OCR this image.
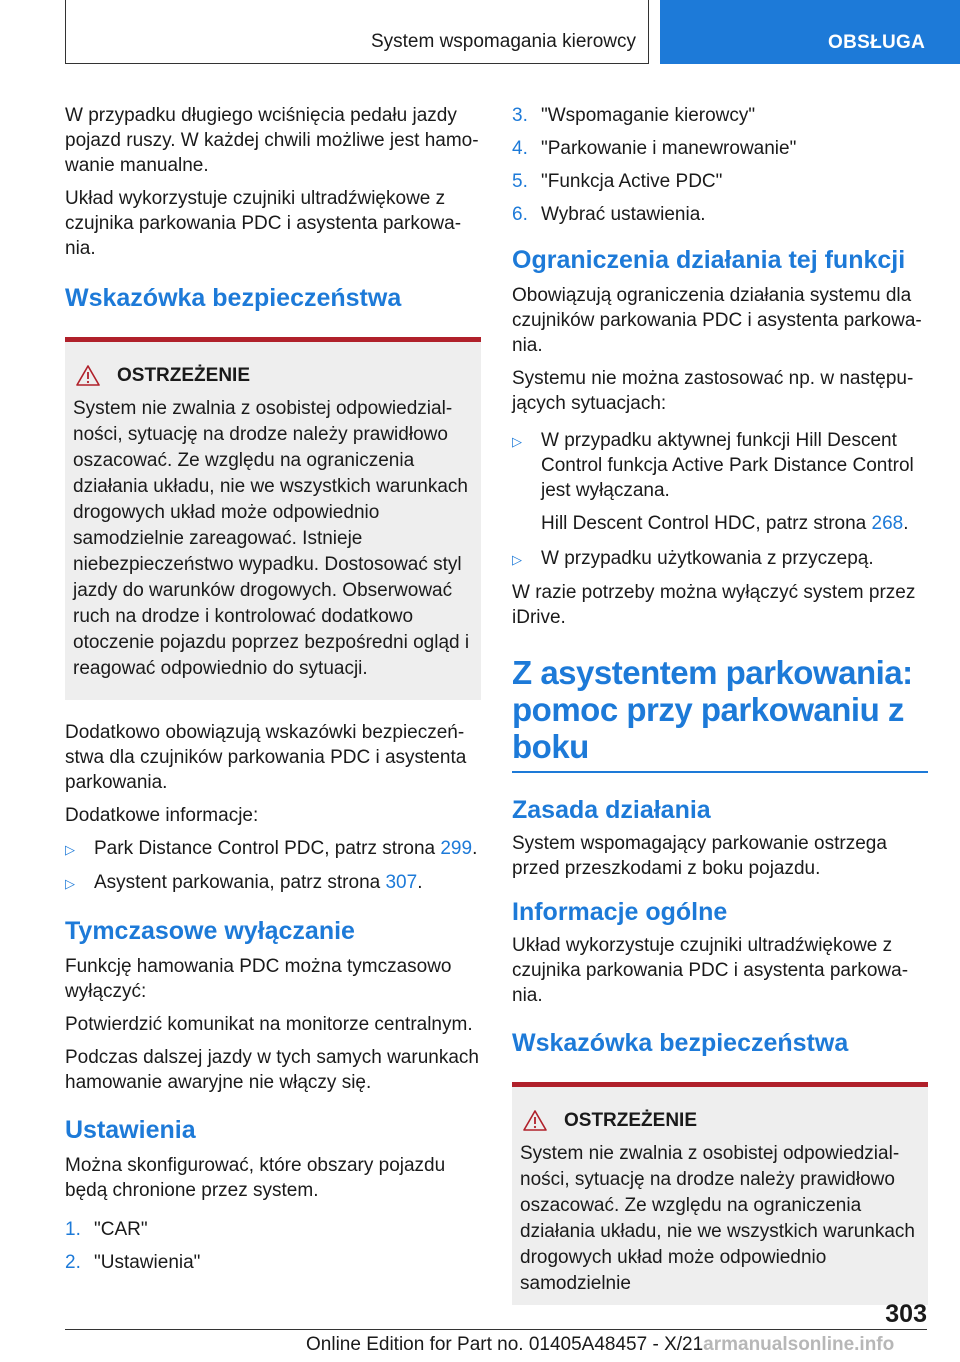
System wspomagania kierowcy	OBSŁUGA

W przypadku długiego wciśnięcia pedału jazdy pojazd ruszy. W każdej chwili możliwe jest hamowanie manualne.

Układ wykorzystuje czujniki ultradźwiękowe z czujnika parkowania PDC i asystenta parkowania.

Wskazówka bezpieczeństwa
OSTRZEŻENIE

System nie zwalnia z osobistej odpowiedzialności, sytuację na drodze należy prawidłowo oszacować. Ze względu na ograniczenia działania układu, nie we wszystkich warunkach drogowych układ może odpowiednio samodzielnie zareagować. Istnieje niebezpieczeństwo wypadku. Dostosować styl jazdy do warunków drogowych. Obserwować ruch na drodze i kontrolować dodatkowo otoczenie pojazdu poprzez bezpośredni ogląd i reagować odpowiednio do sytuacji.

Dodatkowo obowiązują wskazówki bezpieczeństwa dla czujników parkowania PDC i asystenta parkowania.

Dodatkowe informacje:

▷	Park Distance Control PDC, patrz strona 299.
▷	Asystent parkowania, patrz strona 307.
Tymczasowe wyłączanie

Funkcję hamowania PDC można tymczasowo wyłączyć:

Potwierdzić komunikat na monitorze centralnym.

Podczas dalszej jazdy w tych samych warunkach hamowanie awaryjne nie włączy się.

Ustawienia

Można skonfigurować, które obszary pojazdu będą chronione przez system.

1. "CAR"
2. "Ustawienia"
3. "Wspomaganie kierowcy"
4. "Parkowanie i manewrowanie"
5. "Funkcja Active PDC"
6. Wybrać ustawienia.
Ograniczenia działania tej funkcji

Obowiązują ograniczenia działania systemu dla czujników parkowania PDC i asystenta parkowania.

Systemu nie można zastosować np. w następujących sytuacjach:

▷	W przypadku aktywnej funkcji Hill Descent Control funkcja Active Park Distance Control jest wyłączana.

Hill Descent Control HDC, patrz strona 268.

▷	W przypadku użytkowania z przyczepą.

W razie potrzeby można wyłączyć system przez iDrive.

Z asystentem parkowania: pomoc przy parkowaniu z boku
Zasada działania

System wspomagający parkowanie ostrzega przed przeszkodami z boku pojazdu.

Informacje ogólne

Układ wykorzystuje czujniki ultradźwiękowe z czujnika parkowania PDC i asystenta parkowania.

Wskazówka bezpieczeństwa
OSTRZEŻENIE

System nie zwalnia z osobistej odpowiedzialności, sytuację na drodze należy prawidłowo oszacować. Ze względu na ograniczenia działania układu, nie we wszystkich warunkach drogowych układ może odpowiednio samodzielnie

303
Online Edition for Part no. 01405A48457 - X/21armanualsonline.info
